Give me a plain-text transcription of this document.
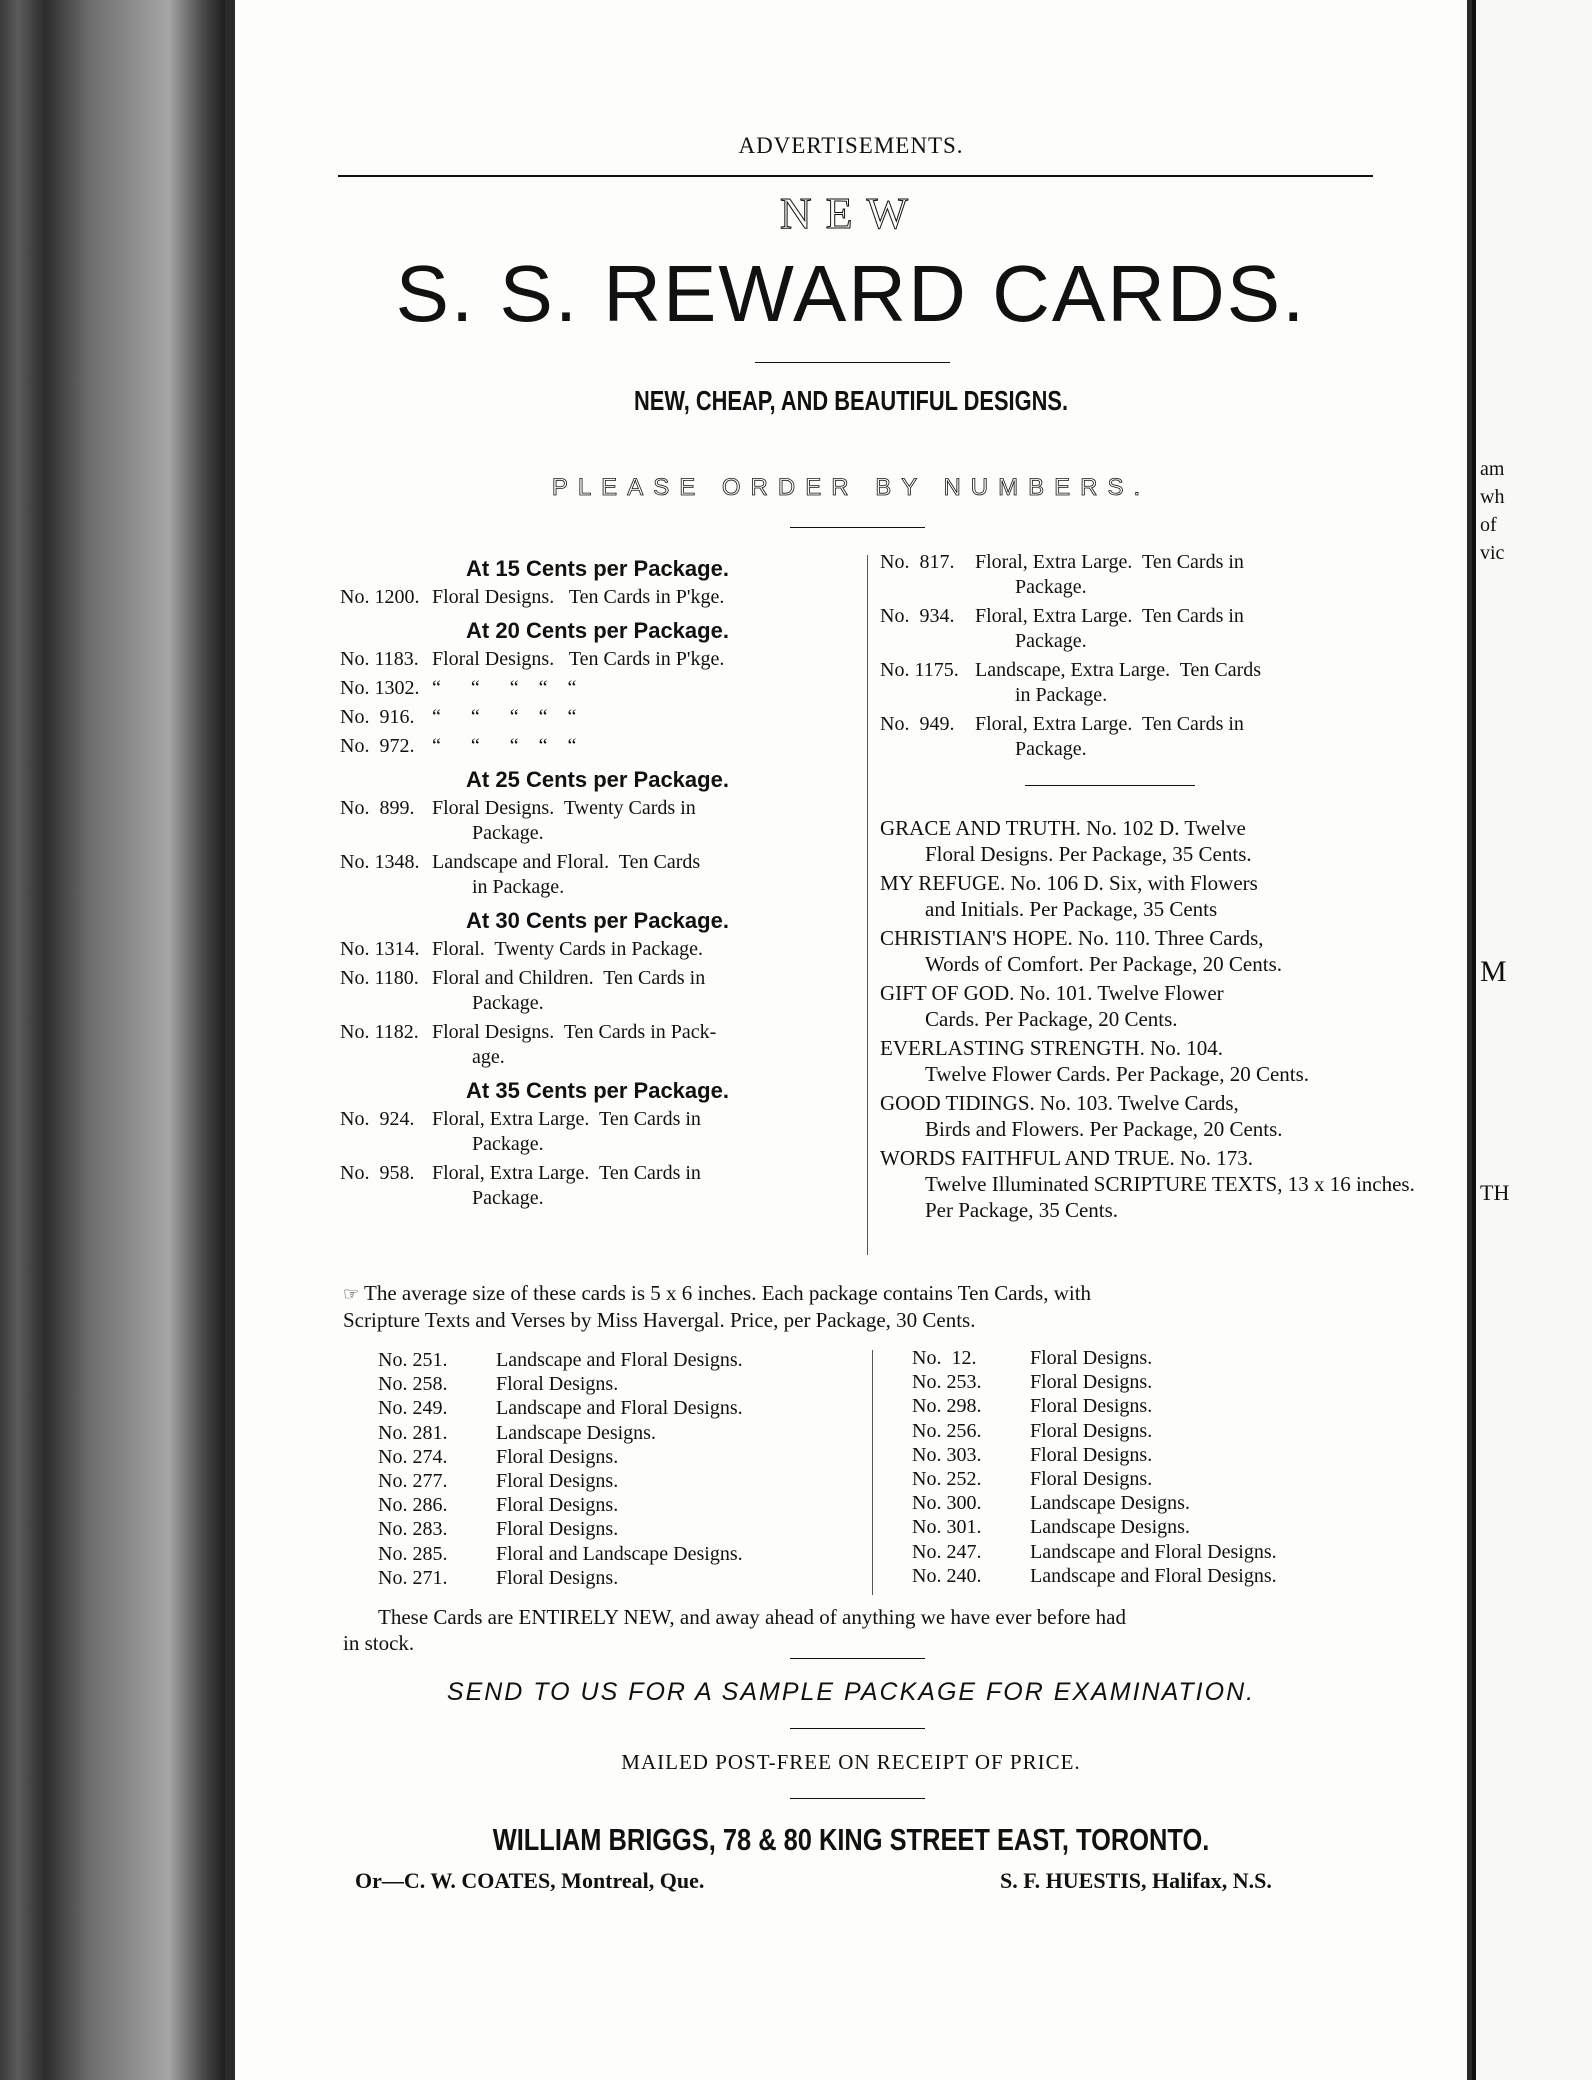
ADVERTISEMENTS.
NEW
S. S. REWARD CARDS.
NEW, CHEAP, AND BEAUTIFUL DESIGNS.
PLEASE ORDER BY NUMBERS.
At 15 Cents per Package.
No. 1200. Floral Designs.   Ten Cards in P'kge.
At 20 Cents per Package.
No. 1183. Floral Designs.   Ten Cards in P'kge.
No. 1302. “      “      “    “    “
No.  916. “      “      “    “    “
No.  972. “      “      “    “    “
At 25 Cents per Package.
No.  899. Floral Designs.  Twenty Cards in
Package.
No. 1348. Landscape and Floral.  Ten Cards
in Package.
At 30 Cents per Package.
No. 1314. Floral.  Twenty Cards in Package.
No. 1180. Floral and Children.  Ten Cards in
Package.
No. 1182. Floral Designs.  Ten Cards in Pack-
age.
At 35 Cents per Package.
No.  924. Floral, Extra Large.  Ten Cards in
Package.
No.  958. Floral, Extra Large.  Ten Cards in
Package.
No.  817.	Floral, Extra Large.  Ten Cards in
Package.
No.  934.	Floral, Extra Large.  Ten Cards in
Package.
No. 1175. Landscape, Extra Large.  Ten Cards
in Package.
No.  949.	Floral, Extra Large.  Ten Cards in
Package.
GRACE AND TRUTH. No. 102 D. Twelve
Floral Designs. Per Package, 35 Cents.
MY REFUGE. No. 106 D. Six, with Flowers
and Initials. Per Package, 35 Cents
CHRISTIAN'S HOPE. No. 110. Three Cards,
Words of Comfort. Per Package, 20 Cents.
GIFT OF GOD. No. 101. Twelve Flower
Cards. Per Package, 20 Cents.
EVERLASTING STRENGTH. No. 104.
Twelve Flower Cards. Per Package, 20 Cents.
GOOD TIDINGS. No. 103. Twelve Cards,
Birds and Flowers. Per Package, 20 Cents.
WORDS FAITHFUL AND TRUE. No. 173.
Twelve Illuminated SCRIPTURE TEXTS, 13 x 16 inches. Per Package, 35 Cents.
☞ The average size of these cards is 5 x 6 inches. Each package contains Ten Cards, with
Scripture Texts and Verses by Miss Havergal. Price, per Package, 30 Cents.
No. 251.	Landscape and Floral Designs.
No. 258.	Floral Designs.
No. 249.	Landscape and Floral Designs.
No. 281.	Landscape Designs.
No. 274.	Floral Designs.
No. 277.	Floral Designs.
No. 286.	Floral Designs.
No. 283.	Floral Designs.
No. 285.	Floral and Landscape Designs.
No. 271.	Floral Designs.
No.  12.	Floral Designs.
No. 253.	Floral Designs.
No. 298.	Floral Designs.
No. 256.	Floral Designs.
No. 303.	Floral Designs.
No. 252.	Floral Designs.
No. 300.	Landscape Designs.
No. 301.	Landscape Designs.
No. 247.	Landscape and Floral Designs.
No. 240.	Landscape and Floral Designs.
These Cards are ENTIRELY NEW, and away ahead of anything we have ever before had
in stock.
SEND TO US FOR A SAMPLE PACKAGE FOR EXAMINATION.
MAILED POST-FREE ON RECEIPT OF PRICE.
WILLIAM BRIGGS, 78 & 80 KING STREET EAST, TORONTO.
Or—C. W. COATES, Montreal, Que.	S. F. HUESTIS, Halifax, N.S.
am
wh
of
vic
M
TH
